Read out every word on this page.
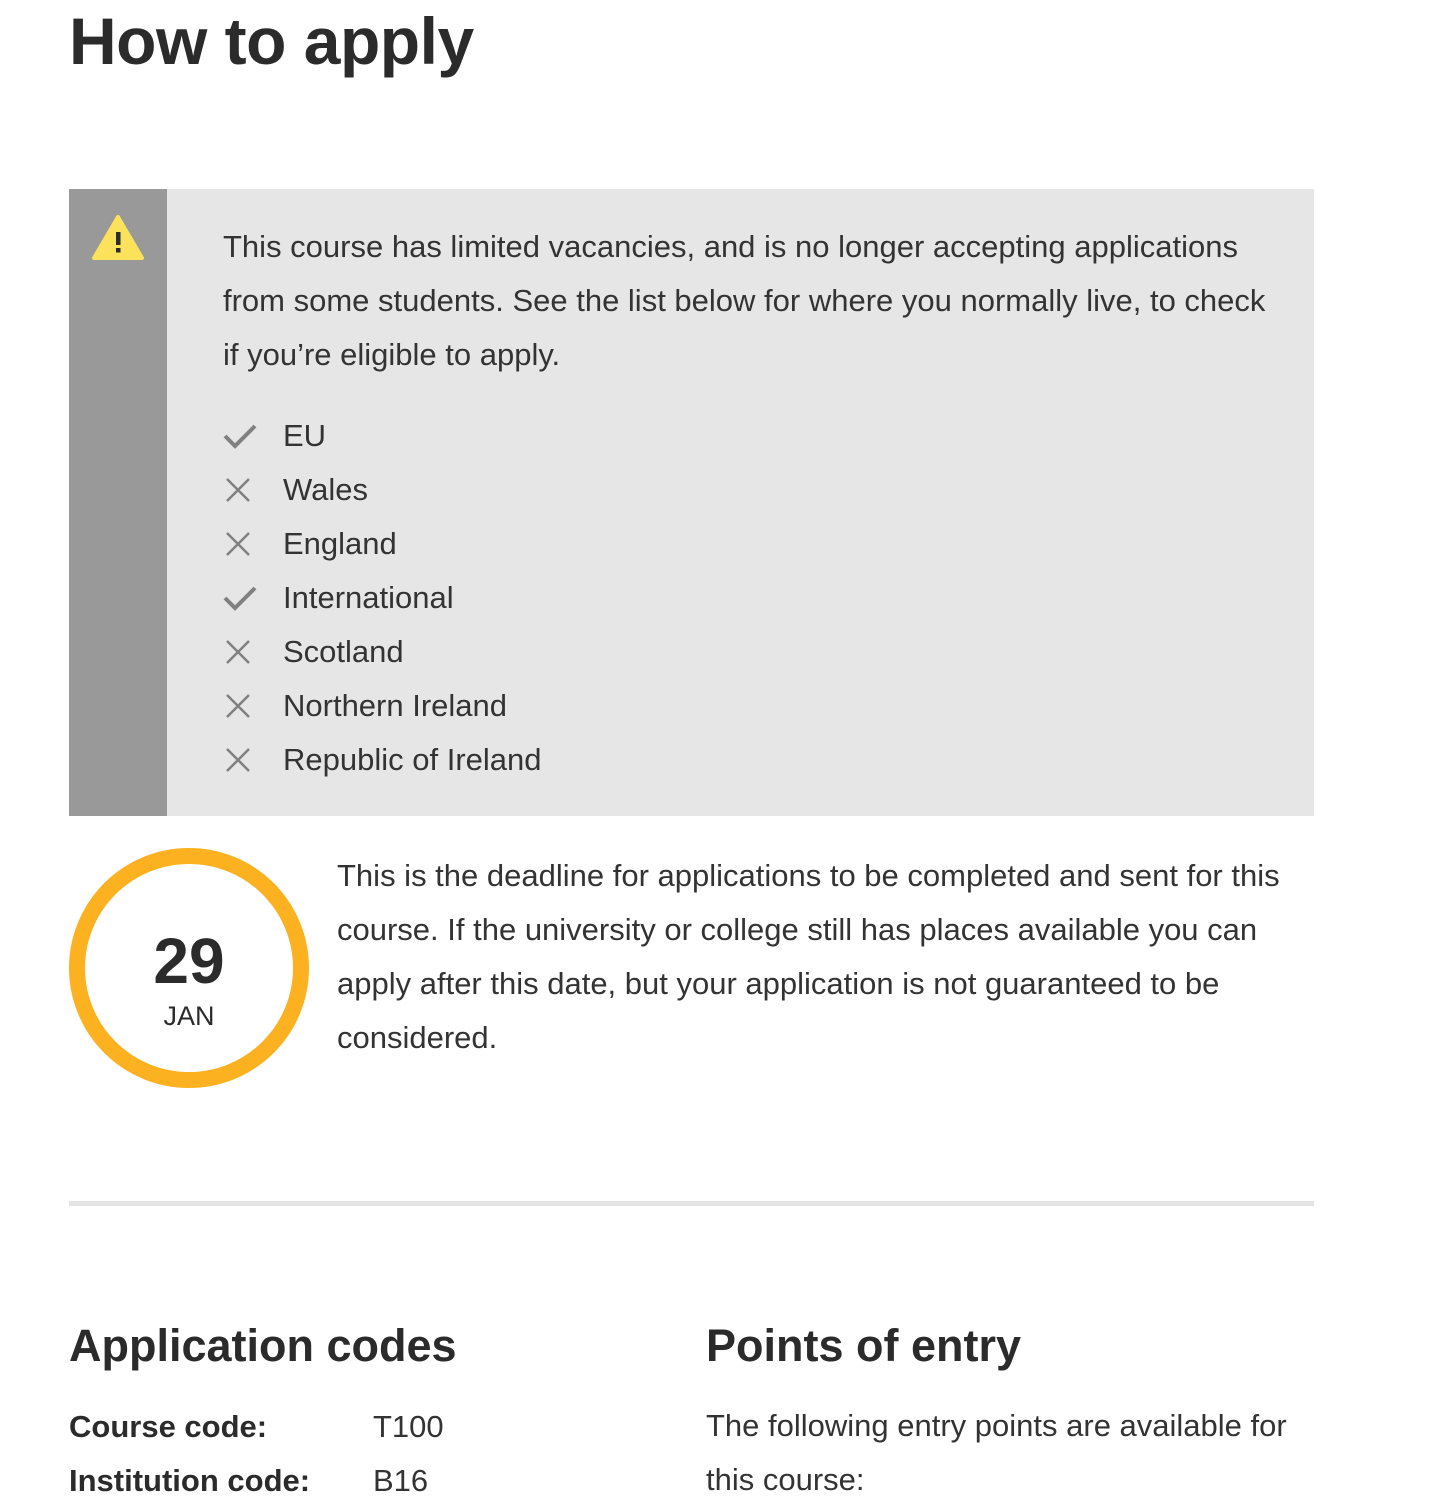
How to apply

This course has limited vacancies, and is no longer accepting applications from some students. See the list below for where you normally live, to check if you’re eligible to apply.

EU
Wales
England
International
Scotland
Northern Ireland
Republic of Ireland
29
JAN

This is the deadline for applications to be completed and sent for this course. If the university or college still has places available you can apply after this date, but your application is not guaranteed to be considered.

Application codes
Course code:	T100
Institution code:	B16
Points of entry

The following entry points are available for this course:
